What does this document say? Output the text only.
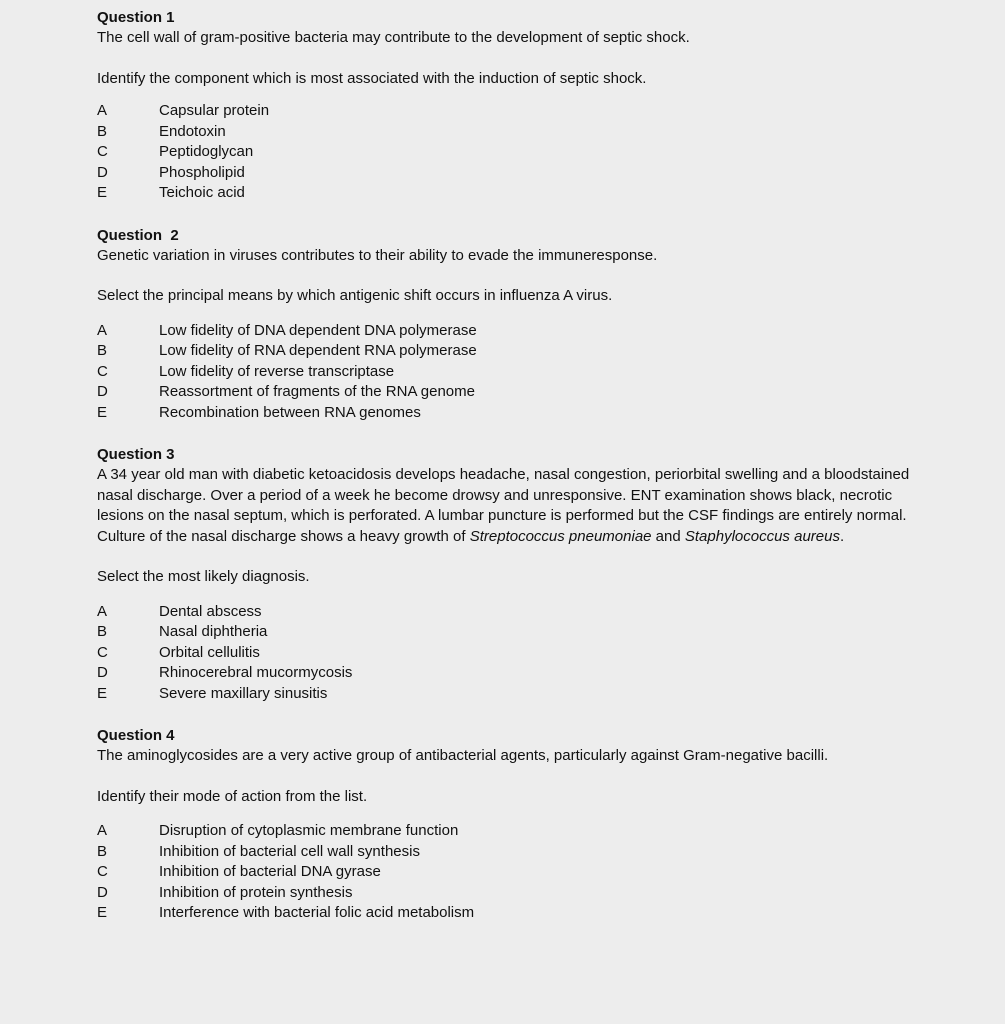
Question 1

The cell wall of gram-positive bacteria may contribute to the development of septic shock.

Identify the component which is most associated with the induction of septic shock.

A	Capsular protein
B	Endotoxin
C	Peptidoglycan
D	Phospholipid
E	Teichoic acid

Question  2

Genetic variation in viruses contributes to their ability to evade the immuneresponse.

Select the principal means by which antigenic shift occurs in influenza A virus.

A	Low fidelity of DNA dependent DNA polymerase
B	Low fidelity of RNA dependent RNA polymerase
C	Low fidelity of reverse transcriptase
D	Reassortment of fragments of the RNA genome
E	Recombination between RNA genomes

Question 3

A 34 year old man with diabetic ketoacidosis develops headache, nasal congestion, periorbital swelling and a bloodstained nasal discharge. Over a period of a week he become drowsy and unresponsive. ENT examination shows black, necrotic lesions on the nasal septum, which is perforated. A lumbar puncture is performed but the CSF findings are entirely normal. Culture of the nasal discharge shows a heavy growth of Streptococcus pneumoniae and Staphylococcus aureus.

Select the most likely diagnosis.

A	Dental abscess
B	Nasal diphtheria
C	Orbital cellulitis
D	Rhinocerebral mucormycosis
E	Severe maxillary sinusitis

Question 4

The aminoglycosides are a very active group of antibacterial agents, particularly against Gram-negative bacilli.

Identify their mode of action from the list.

A	Disruption of cytoplasmic membrane function
B	Inhibition of bacterial cell wall synthesis
C	Inhibition of bacterial DNA gyrase
D	Inhibition of protein synthesis
E	Interference with bacterial folic acid metabolism
